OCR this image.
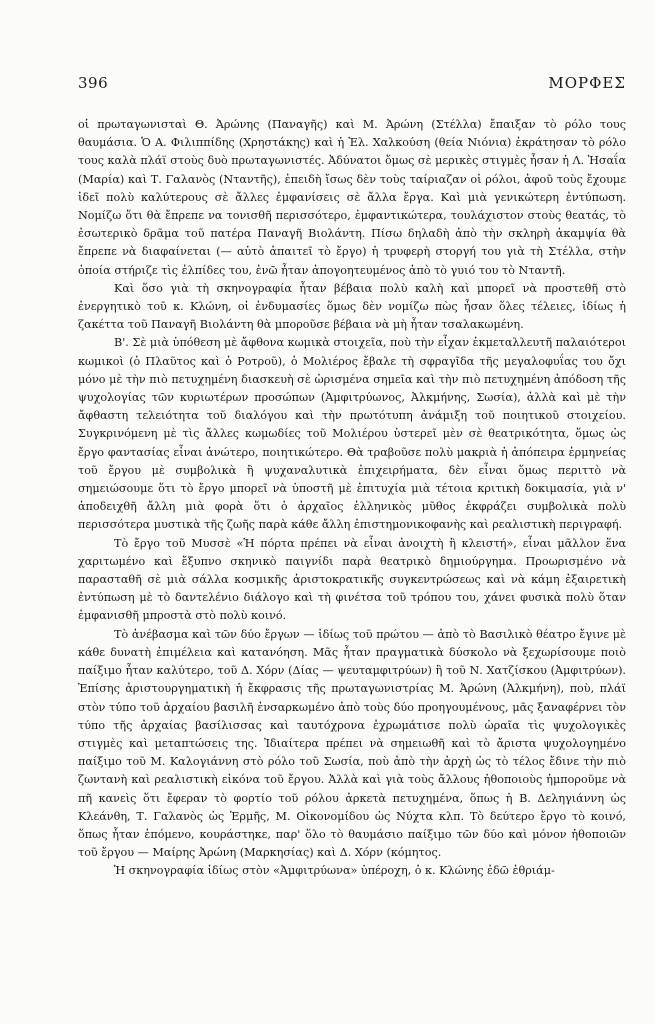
396	ΜΟΡΦΕΣ

οἱ πρωταγωνισταὶ Θ. Ἀρώνης (Παναγῆς) καὶ Μ. Ἀρώνη (Στέλλα) ἔπαιξαν τὸ ρόλο τους θαυμάσια. Ὁ Α. Φιλιππίδης (Χρηστάκης) καὶ ἡ Ἐλ. Χαλκούση (θεία Νιόνια) ἐκράτησαν τὸ ρόλο τους καλὰ πλάϊ στοὺς δυὸ πρωταγωνιστές. Ἀδύνατοι ὅμως σὲ μερικὲς στιγμὲς ἦσαν ἡ Λ. Ἠσαΐα (Μαρία) καὶ Τ. Γαλανὸς (Νταντῆς), ἐπειδὴ ἴσως δὲν τοὺς ταίριαζαν οἱ ρόλοι, ἀφοῦ τοὺς ἔχουμε ἰδεῖ πολὺ καλύτερους σὲ ἄλλες ἐμφανίσεις σὲ ἄλλα ἔργα. Καὶ μιὰ γενικώτερη ἐντύπωση. Νομίζω ὅτι θὰ ἔπρεπε να τονισθῆ περισσότερο, ἐμφαντικώτερα, τουλάχιστον στοὺς θεατάς, τὸ ἐσωτερικὸ δρᾶμα τοῦ πατέρα Παναγῆ Βιολάντη. Πίσω δηλαδὴ ἀπὸ τὴν σκληρὴ ἀκαμψία θὰ ἔπρεπε νὰ διαφαίνεται (— αὐτὸ ἀπαιτεῖ τὸ ἔργο) ἡ τρυφερὴ στοργή του γιὰ τὴ Στέλλα, στὴν ὁποία στήριζε τὶς ἐλπίδες του, ἐνῶ ἦταν ἀπογοητευμένος ἀπὸ τὸ γυιό του τὸ Νταντῆ.

Καὶ ὅσο γιὰ τὴ σκηνογραφία ἦταν βέβαια πολὺ καλὴ καὶ μπορεῖ νὰ προστεθῆ στὸ ἐνεργητικὸ τοῦ κ. Κλώνη, οἱ ἐνδυμασίες ὅμως δὲν νομίζω πὼς ἦσαν ὅλες τέλειες, ἰδίως ἡ ζακέττα τοῦ Παναγῆ Βιολάντη θὰ μποροῦσε βέβαια νὰ μὴ ἦταν τσαλακωμένη.

Β'. Σὲ μιὰ ὑπόθεση μὲ ἄφθονα κωμικὰ στοιχεῖα, ποὺ τὴν εἶχαν ἐκμεταλλευτῆ παλαιότεροι κωμικοὶ (ὁ Πλαῦτος καὶ ὁ Ροτροῦ), ὁ Μολιέρος ἔβαλε τὴ σφραγῖδα τῆς μεγαλοφυΐας του ὄχι μόνο μὲ τὴν πιὸ πετυχημένη διασκευὴ σὲ ὡρισμένα σημεῖα καὶ τὴν πιὸ πετυχημένη ἀπόδοση τῆς ψυχολογίας τῶν κυριωτέρων προσώπων (Ἀμφιτρύωνος, Ἀλκμήνης, Σωσία), ἀλλὰ καὶ μὲ τὴν ἄφθαστη τελειότητα τοῦ διαλόγου καὶ τὴν πρωτότυπη ἀνάμιξη τοῦ ποιητικοῦ στοιχείου. Συγκρινόμενη μὲ τὶς ἄλλες κωμωδίες τοῦ Μολιέρου ὑστερεῖ μὲν σὲ θεατρικότητα, ὅμως ὡς ἔργο φαντασίας εἶναι ἀνώτερο, ποιητικώτερο. Θὰ τραβοῦσε πολὺ μακριὰ ἡ ἀπόπειρα ἑρμηνείας τοῦ ἔργου μὲ συμβολικὰ ἢ ψυχαναλυτικὰ ἐπιχειρήματα, δὲν εἶναι ὅμως περιττὸ νὰ σημειώσουμε ὅτι τὸ ἔργο μπορεῖ νὰ ὑποστῆ μὲ ἐπιτυχία μιὰ τέτοια κριτικὴ δοκιμασία, γιὰ ν' ἀποδειχθῆ ἄλλη μιὰ φορὰ ὅτι ὁ ἀρχαῖος ἑλληνικὸς μῦθος ἐκφράζει συμβολικὰ πολὺ περισσότερα μυστικὰ τῆς ζωῆς παρὰ κάθε ἄλλη ἐπιστημονικοφανὴς καὶ ρεαλιστικὴ περιγραφή.

Τὸ ἔργο τοῦ Μυσσὲ «Ἡ πόρτα πρέπει νὰ εἶναι ἀνοιχτὴ ἢ κλειστή», εἶναι μᾶλλον ἕνα χαριτωμένο καὶ ἔξυπνο σκηνικὸ παιγνίδι παρὰ θεατρικὸ δημιούργημα. Προωρισμένο νὰ παρασταθῆ σὲ μιὰ σάλλα κοσμικῆς ἀριστοκρατικῆς συγκεντρώσεως καὶ νὰ κάμη ἐξαιρετικὴ ἐντύπωση μὲ τὸ δαντελένιο διάλογο καὶ τὴ φινέτσα τοῦ τρόπου του, χάνει φυσικὰ πολὺ ὅταν ἐμφανισθῆ μπροστὰ στὸ πολὺ κοινό.

Τὸ ἀνέβασμα καὶ τῶν δύο ἔργων — ἰδίως τοῦ πρώτου — ἀπὸ τὸ Βασιλικὸ θέατρο ἔγινε μὲ κάθε δυνατὴ ἐπιμέλεια καὶ κατανόηση. Μᾶς ἦταν πραγματικὰ δύσκολο νὰ ξεχωρίσουμε ποιὸ παίξιμο ἦταν καλύτερο, τοῦ Δ. Χόρν (Δίας — ψευταμφιτρύων) ἢ τοῦ Ν. Χατζίσκου (Ἀμφιτρύων). Ἐπίσης ἀριστουργηματικὴ ἡ ἔκφρασις τῆς πρωταγωνιστρίας Μ. Ἀρώνη (Ἀλκμήνη), ποὺ, πλάϊ στὸν τύπο τοῦ ἀρχαίου βασιλῆ ἐνσαρκωμένο ἀπὸ τοὺς δύο προηγουμένους, μᾶς ξαναφέρνει τὸν τύπο τῆς ἀρχαίας βασίλισσας καὶ ταυτόχρονα ἐχρωμάτισε πολὺ ὡραῖα τὶς ψυχολογικὲς στιγμὲς καὶ μεταπτώσεις της. Ἰδιαίτερα πρέπει νὰ σημειωθῆ καὶ τὸ ἄριστα ψυχολογημένο παίξιμο τοῦ Μ. Καλογιάννη στὸ ρόλο τοῦ Σωσία, ποὺ ἀπὸ τὴν ἀρχὴ ὡς τὸ τέλος ἔδινε τὴν πιὸ ζωντανὴ καὶ ρεαλιστικὴ εἰκόνα τοῦ ἔργου. Ἀλλὰ καὶ γιὰ τοὺς ἄλλους ἠθοποιοὺς ἠμποροῦμε νὰ πῆ κανεὶς ὅτι ἔφεραν τὸ φορτίο τοῦ ρόλου ἀρκετὰ πετυχημένα, ὅπως ἡ Β. Δεληγιάννη ὡς Κλεάνθη, Τ. Γαλανὸς ὡς Ἑρμῆς, Μ. Οἰκονομίδου ὡς Νύχτα κλπ. Τὸ δεύτερο ἔργο τὸ κοινό, ὅπως ἦταν ἑπόμενο, κουράστηκε, παρ' ὅλο τὸ θαυμάσιο παίξιμο τῶν δύο καὶ μόνον ἠθοποιῶν τοῦ ἔργου — Μαίρης Ἀρώνη (Μαρκησίας) καὶ Δ. Χόρν (κόμητος.

Ἡ σκηνογραφία ἰδίως στὸν «Ἀμφιτρύωνα» ὑπέροχη, ὁ κ. Κλώνης ἐδῶ ἐθριάμ-
